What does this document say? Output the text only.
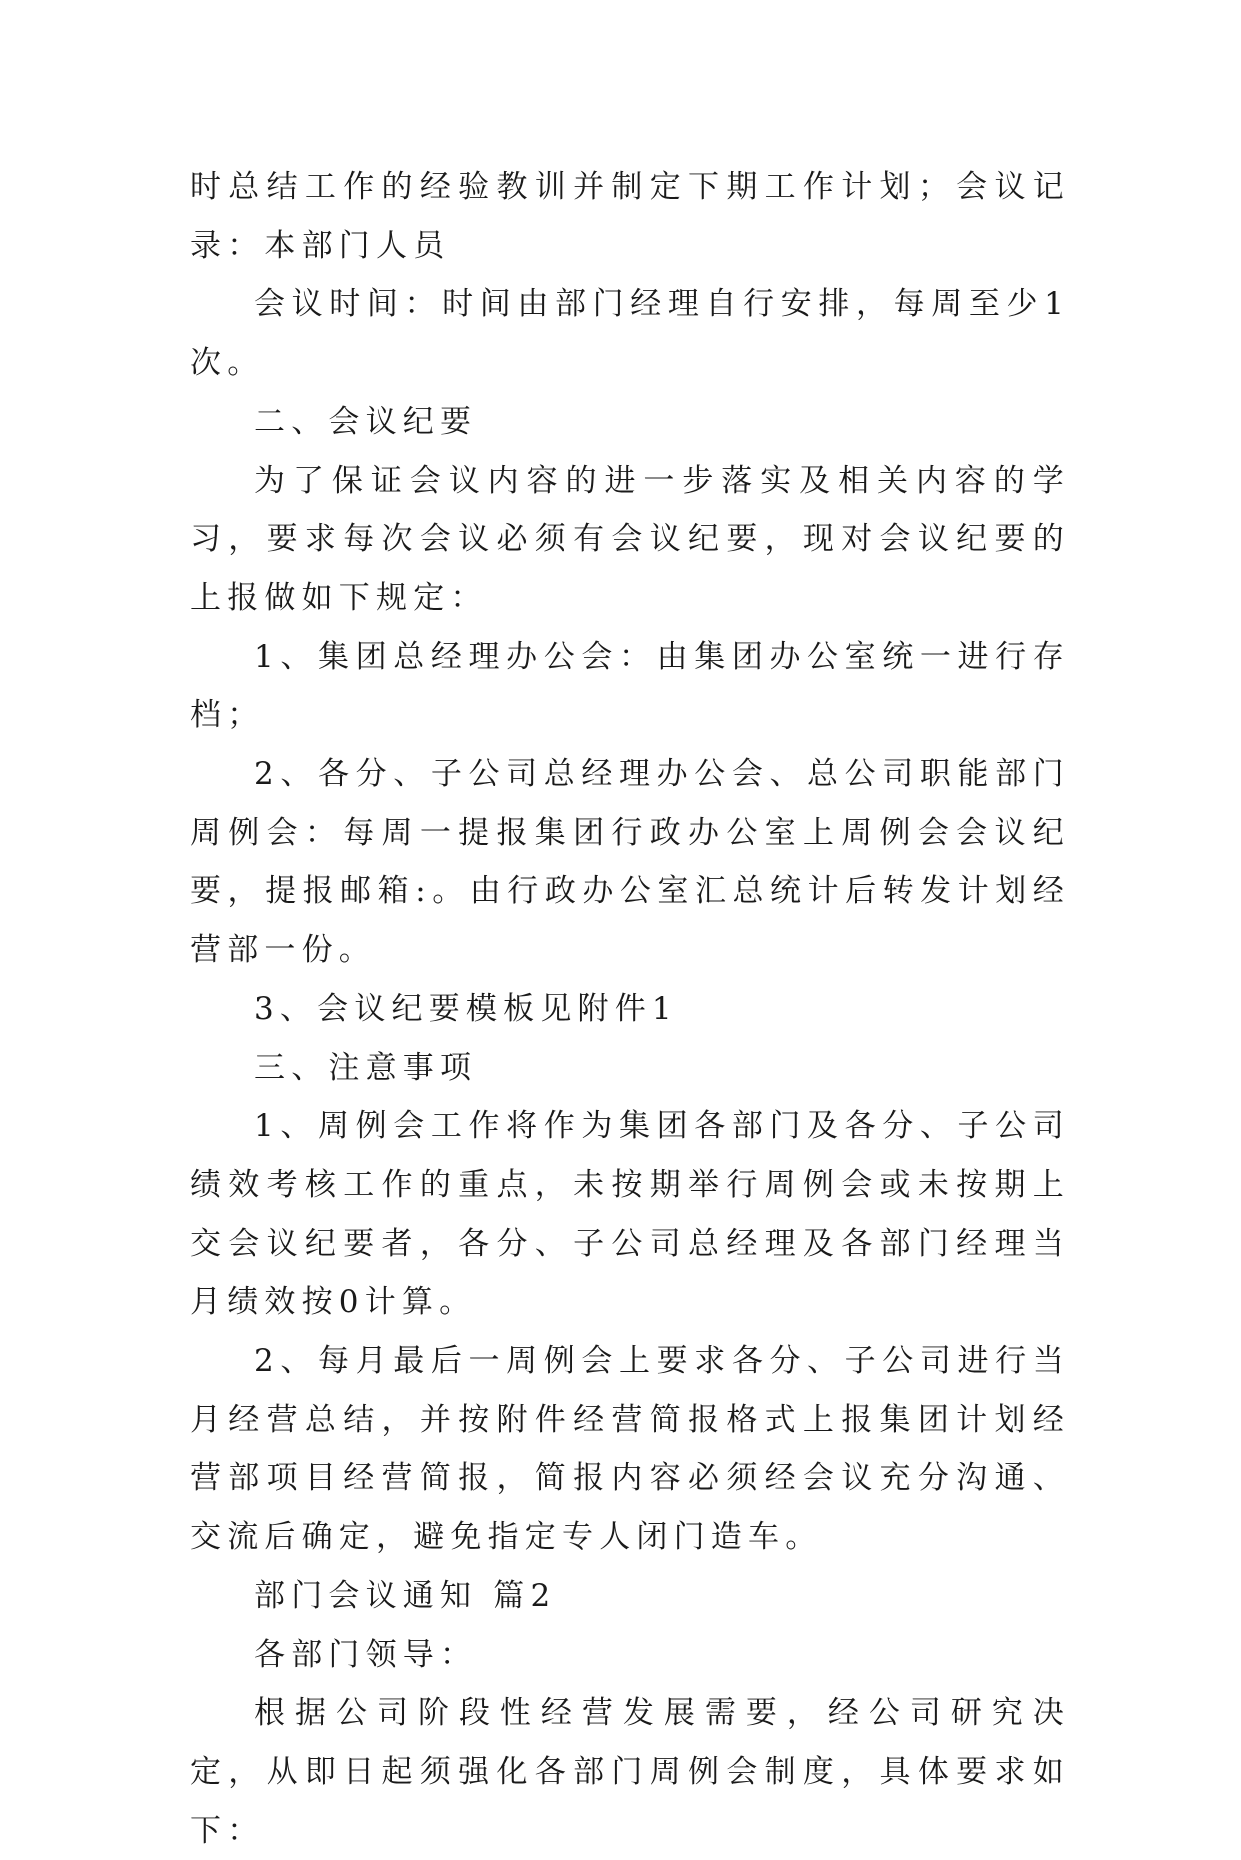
时总结工作的经验教训并制定下期工作计划；会议记录：本部门人员

会议时间：时间由部门经理自行安排，每周至少1次。

二、会议纪要

为了保证会议内容的进一步落实及相关内容的学习，要求每次会议必须有会议纪要，现对会议纪要的上报做如下规定：

1、集团总经理办公会：由集团办公室统一进行存档；

2、各分、子公司总经理办公会、总公司职能部门周例会：每周一提报集团行政办公室上周例会会议纪要，提报邮箱:。由行政办公室汇总统计后转发计划经营部一份。

3、会议纪要模板见附件1

三、注意事项

1、周例会工作将作为集团各部门及各分、子公司绩效考核工作的重点，未按期举行周例会或未按期上交会议纪要者，各分、子公司总经理及各部门经理当月绩效按0计算。

2、每月最后一周例会上要求各分、子公司进行当月经营总结，并按附件经营简报格式上报集团计划经营部项目经营简报，简报内容必须经会议充分沟通、交流后确定，避免指定专人闭门造车。

部门会议通知 篇2

各部门领导：

根据公司阶段性经营发展需要，经公司研究决定，从即日起须强化各部门周例会制度，具体要求如下：
